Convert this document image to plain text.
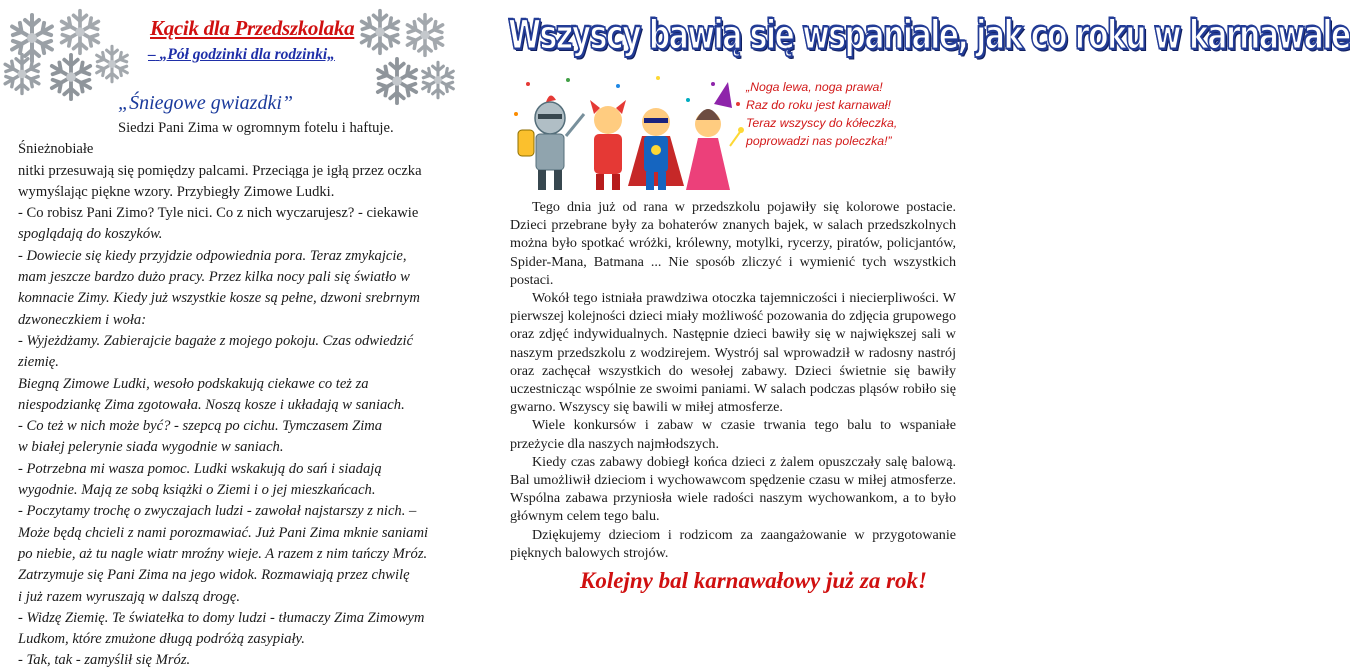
Kącik dla Przedszkolaka
– „Pół godzinki dla rodzinki„
„Śniegowe gwiazdki”

Siedzi Pani Zima w ogromnym fotelu i haftuje. Śnieżnobiałe

nitki przesuwają się pomiędzy palcami. Przeciąga je igłą przez oczka

wymyślając piękne wzory. Przybiegły Zimowe Ludki.

- Co robisz Pani Zimo? Tyle nici. Co z nich wyczarujesz? - ciekawie

spoglądają do koszyków.

- Dowiecie się kiedy przyjdzie odpowiednia pora. Teraz zmykajcie,

mam jeszcze bardzo dużo pracy. Przez kilka nocy pali się światło w

komnacie Zimy. Kiedy już wszystkie kosze są pełne, dzwoni srebrnym

dzwoneczkiem i woła:

- Wyjeżdżamy. Zabierajcie bagaże z mojego pokoju. Czas odwiedzić

ziemię.

Biegną Zimowe Ludki, wesoło podskakują ciekawe co też za

niespodziankę Zima zgotowała. Noszą kosze i układają w saniach.

- Co też w nich może być? - szepcą po cichu. Tymczasem Zima

w białej pelerynie siada wygodnie w saniach.

- Potrzebna mi wasza pomoc. Ludki wskakują do sań i siadają

wygodnie. Mają ze sobą książki o Ziemi i o jej mieszkańcach.

- Poczytamy trochę o zwyczajach ludzi - zawołał najstarszy z nich. –

Może będą chcieli z nami porozmawiać. Już Pani Zima mknie saniami

po niebie, aż tu nagle wiatr mroźny wieje. A razem z nim tańczy Mróz.

Zatrzymuje się Pani Zima na jego widok. Rozmawiają przez chwilę

i już razem wyruszają w dalszą drogę.

- Widzę Ziemię. Te światełka to domy ludzi - tłumaczy Zima Zimowym

Ludkom, które zmużone długą podróżą zasypiały.

- Tak, tak - zamyślił się Mróz.

Wszyscy bawią się wspaniale, jak co roku w karnawale
„Noga lewa, noga prawa!
Raz do roku jest karnawał!
Teraz wszyscy do kółeczka,
poprowadzi nas poleczka!”

Tego dnia już od rana w przedszkolu pojawiły się kolorowe postacie. Dzieci przebrane były za bohaterów znanych bajek, w salach przedszkolnych można było spotkać wróżki, królewny, motylki, rycerzy, piratów, policjantów, Spider-Mana, Batmana ... Nie sposób zliczyć i wymienić tych wszystkich postaci.

Wokół tego istniała prawdziwa otoczka tajemniczości i niecierpliwości. W pierwszej kolejności dzieci miały możliwość pozowania do zdjęcia grupowego oraz zdjęć indywidualnych. Następnie dzieci bawiły się w największej sali w naszym przedszkolu z wodzirejem. Wystrój sal wprowadził w radosny nastrój oraz zachęcał wszystkich do wesołej zabawy. Dzieci świetnie się bawiły uczestnicząc wspólnie ze swoimi paniami. W salach podczas pląsów robiło się gwarno. Wszyscy się bawili w miłej atmosferze.

Wiele konkursów i zabaw w czasie trwania tego balu to wspaniałe przeżycie dla naszych najmłodszych.

Kiedy czas zabawy dobiegł końca dzieci z żalem opuszczały salę balową. Bal umożliwił dzieciom i wychowawcom spędzenie czasu w miłej atmosferze. Wspólna zabawa przyniosła wiele radości naszym wychowankom, a to było głównym celem tego balu.

Dziękujemy dzieciom i rodzicom za zaangażowanie w przygotowanie pięknych balowych strojów.

Kolejny bal karnawałowy już za rok!
